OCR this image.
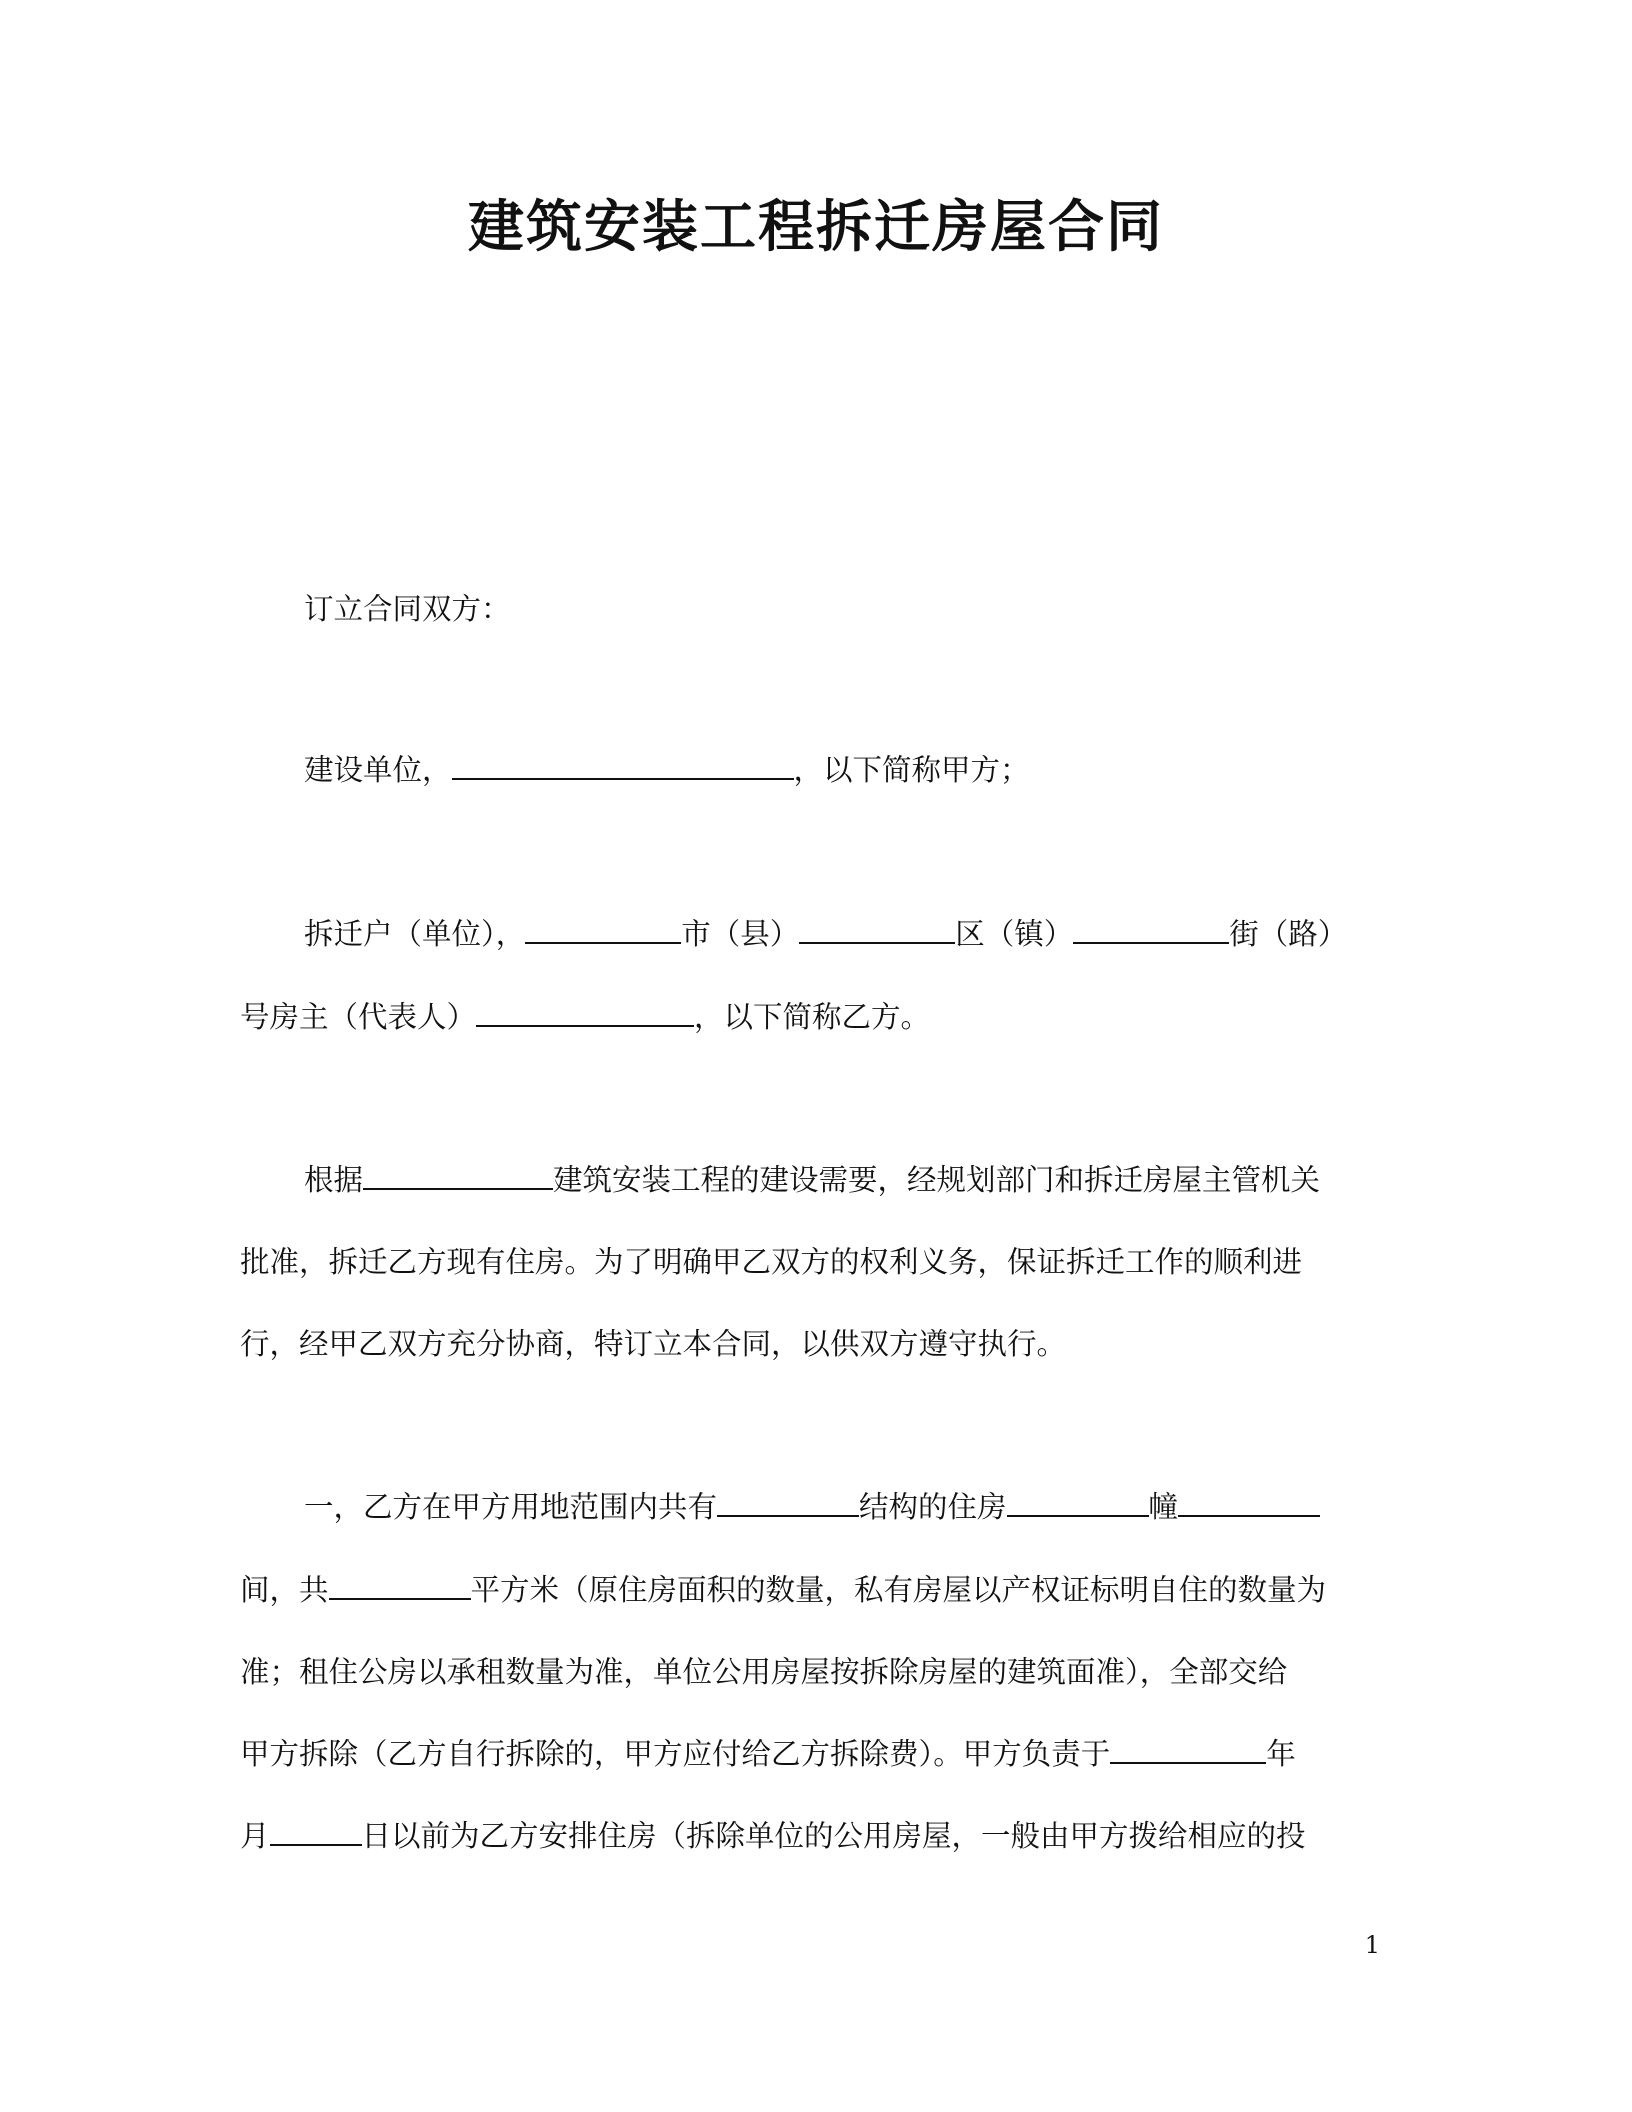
建筑安装工程拆迁房屋合同

订立合同双方：

建设单位，	，以下简称甲方；

拆迁户（单位），	市（县）	区（镇）	街（路）

号房主（代表人）	，以下简称乙方。

根据	建筑安装工程的建设需要，经规划部门和拆迁房屋主管机关

批准，拆迁乙方现有住房。为了明确甲乙双方的权利义务，保证拆迁工作的顺利进

行，经甲乙双方充分协商，特订立本合同，以供双方遵守执行。

一，乙方在甲方用地范围内共有	结构的住房	幢

间，共	平方米（原住房面积的数量，私有房屋以产权证标明自住的数量为

准；租住公房以承租数量为准，单位公用房屋按拆除房屋的建筑面准），全部交给

甲方拆除（乙方自行拆除的，甲方应付给乙方拆除费）。甲方负责于	年

月	日以前为乙方安排住房（拆除单位的公用房屋，一般由甲方拨给相应的投

1
